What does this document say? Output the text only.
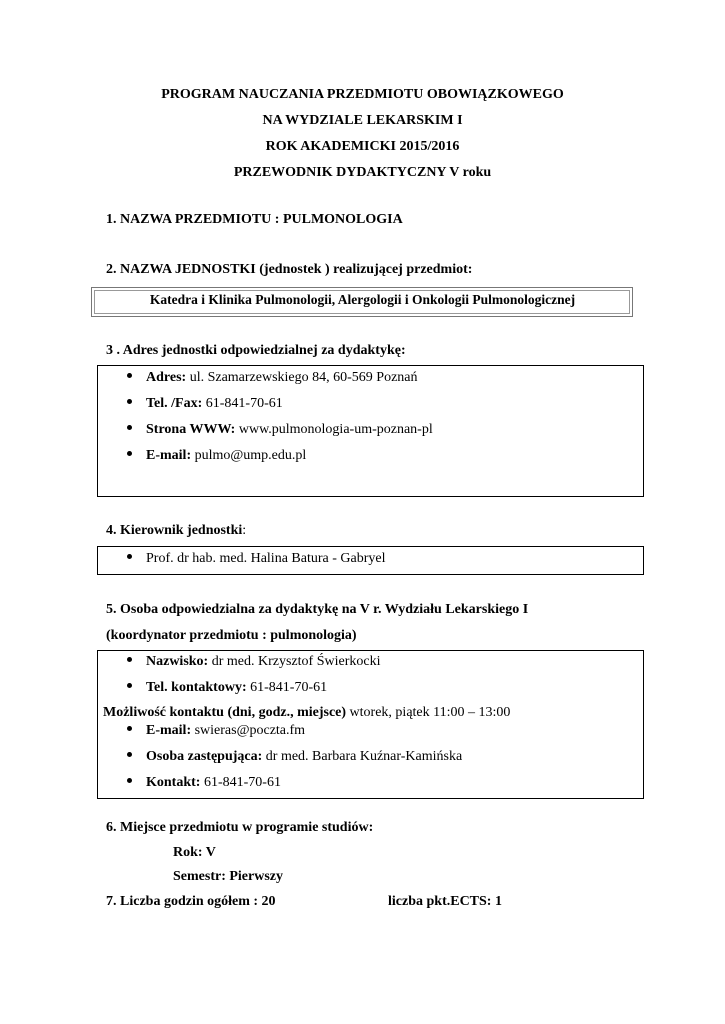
PROGRAM NAUCZANIA PRZEDMIOTU OBOWIĄZKOWEGO
NA WYDZIALE LEKARSKIM I
ROK AKADEMICKI 2015/2016
PRZEWODNIK DYDAKTYCZNY V roku
1. NAZWA PRZEDMIOTU : PULMONOLOGIA
2. NAZWA JEDNOSTKI (jednostek ) realizującej przedmiot:
Katedra i Klinika Pulmonologii, Alergologii i Onkologii Pulmonologicznej
3 . Adres jednostki odpowiedzialnej za dydaktykę:
Adres: ul. Szamarzewskiego 84, 60-569 Poznań
Tel. /Fax: 61-841-70-61
Strona WWW: www.pulmonologia-um-poznan-pl
E-mail: pulmo@ump.edu.pl
4. Kierownik jednostki:
Prof. dr hab. med. Halina Batura - Gabryel
5. Osoba odpowiedzialna za dydaktykę na V r. Wydziału Lekarskiego I
(koordynator przedmiotu : pulmonologia)
Nazwisko: dr med. Krzysztof Świerkocki
Tel. kontaktowy: 61-841-70-61
Możliwość kontaktu (dni, godz., miejsce) wtorek, piątek 11:00 – 13:00
E-mail: swieras@poczta.fm
Osoba zastępująca: dr med. Barbara Kuźnar-Kamińska
Kontakt: 61-841-70-61
6. Miejsce przedmiotu w programie studiów:
Rok: V
Semestr: Pierwszy
7. Liczba godzin ogółem : 20	liczba pkt.ECTS: 1
